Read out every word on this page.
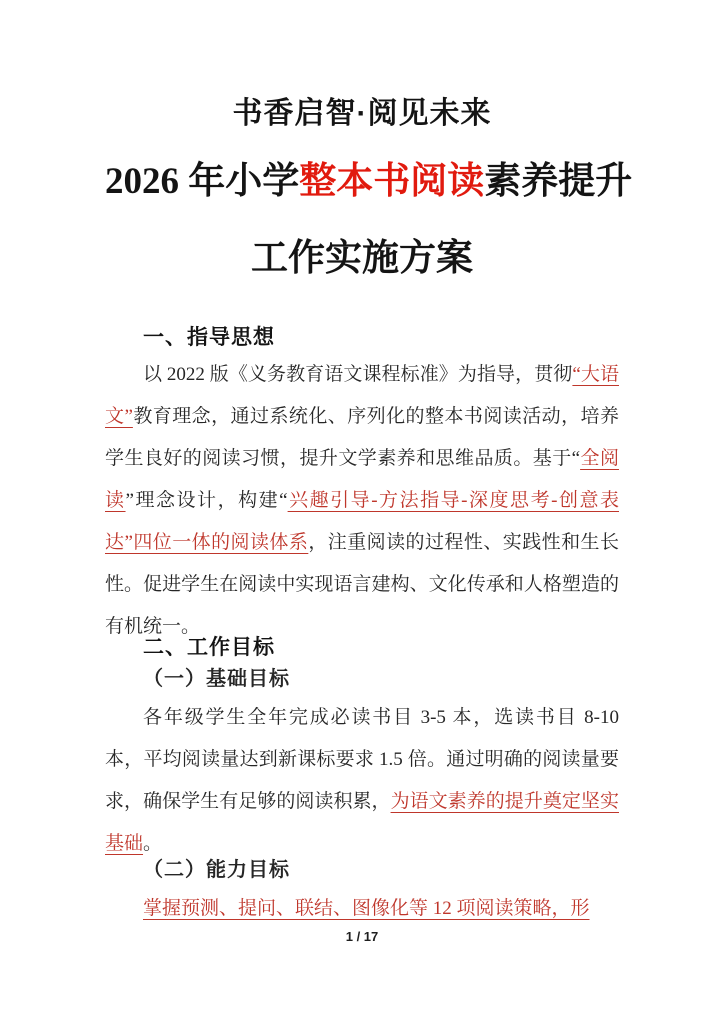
书香启智·阅见未来
2026 年小学整本书阅读素养提升
工作实施方案
一、指导思想

以 2022 版《义务教育语文课程标准》为指导，贯彻“大语文”教育理念，通过系统化、序列化的整本书阅读活动，培养学生良好的阅读习惯，提升文学素养和思维品质。基于“全阅读”理念设计，构建“兴趣引导-方法指导-深度思考-创意表达”四位一体的阅读体系，注重阅读的过程性、实践性和生长性。促进学生在阅读中实现语言建构、文化传承和人格塑造的有机统一。

二、工作目标
（一）基础目标

各年级学生全年完成必读书目 3-5 本，选读书目 8-10 本，平均阅读量达到新课标要求 1.5 倍。通过明确的阅读量要求，确保学生有足够的阅读积累，为语文素养的提升奠定坚实基础。

（二）能力目标

掌握预测、提问、联结、图像化等 12 项阅读策略，形

1 / 17
